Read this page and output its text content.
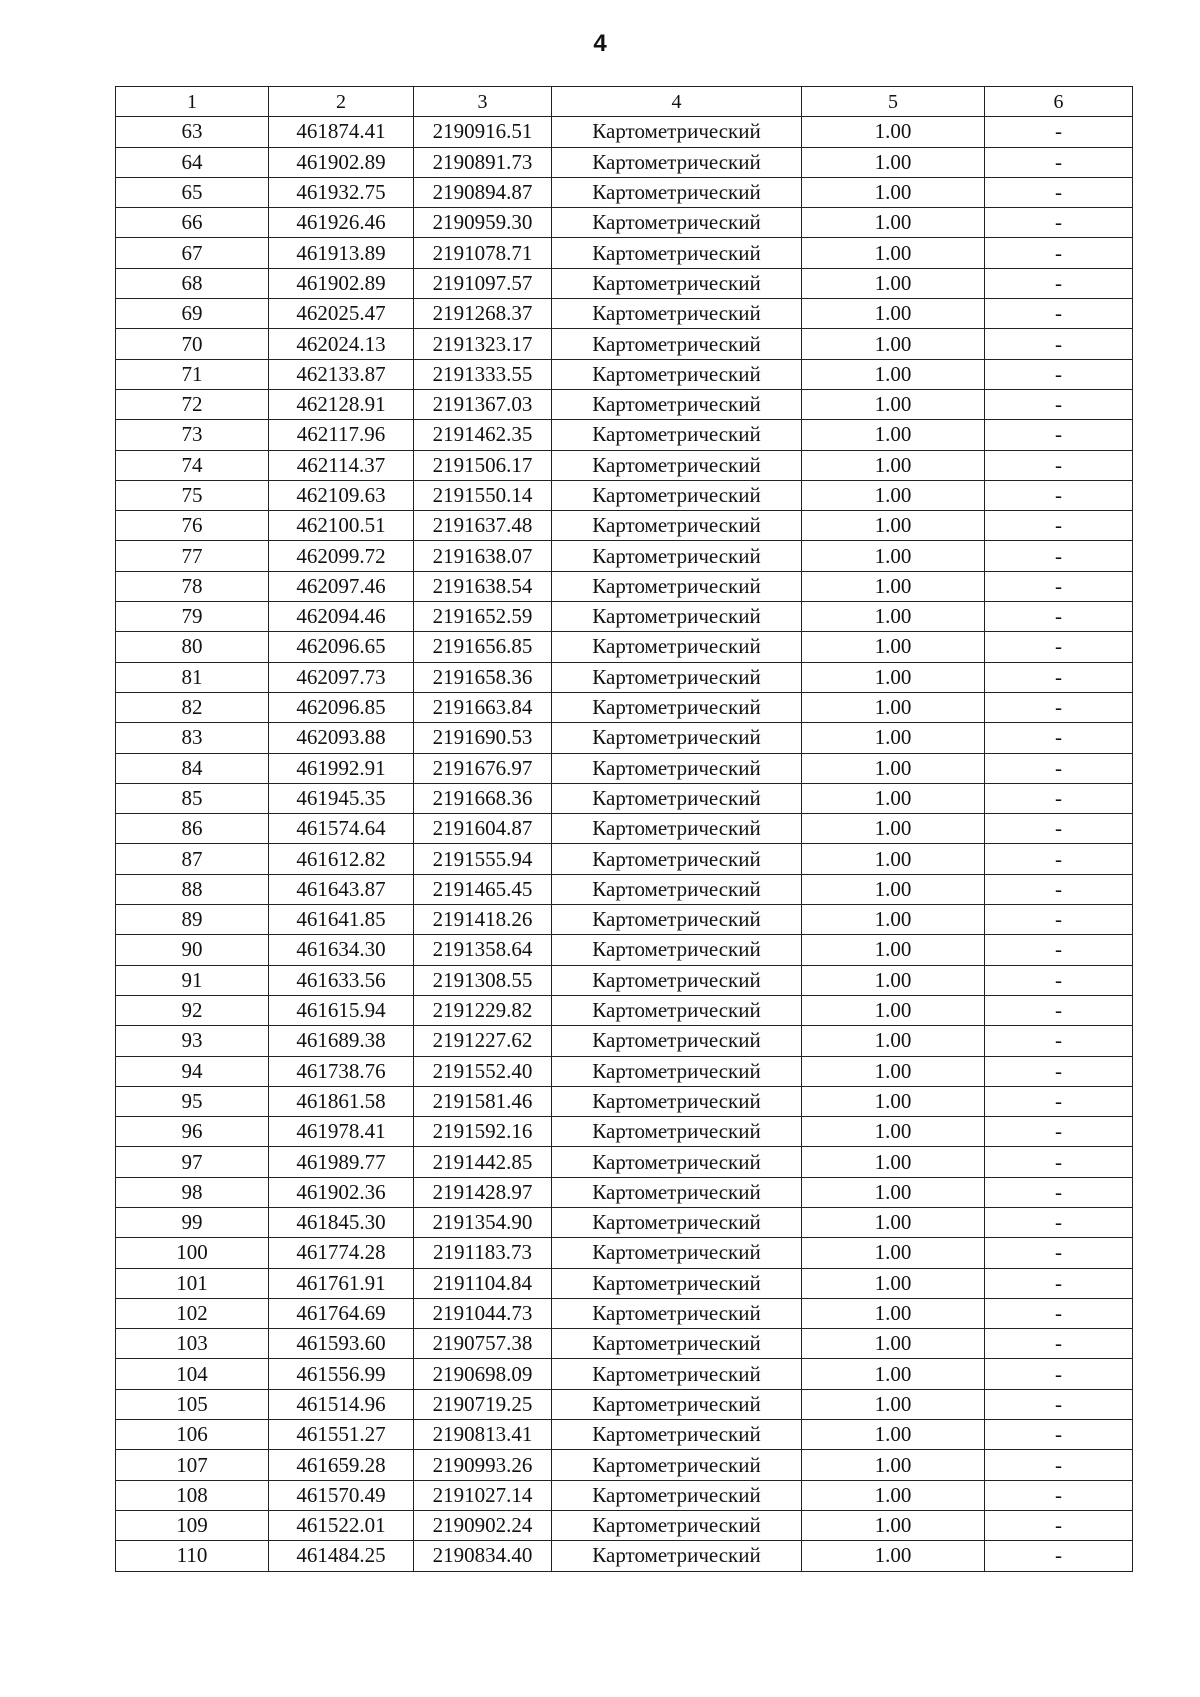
4
1	2	3	4	5	6
63	461874.41	2190916.51	Картометрический	1.00	-
64	461902.89	2190891.73	Картометрический	1.00	-
65	461932.75	2190894.87	Картометрический	1.00	-
66	461926.46	2190959.30	Картометрический	1.00	-
67	461913.89	2191078.71	Картометрический	1.00	-
68	461902.89	2191097.57	Картометрический	1.00	-
69	462025.47	2191268.37	Картометрический	1.00	-
70	462024.13	2191323.17	Картометрический	1.00	-
71	462133.87	2191333.55	Картометрический	1.00	-
72	462128.91	2191367.03	Картометрический	1.00	-
73	462117.96	2191462.35	Картометрический	1.00	-
74	462114.37	2191506.17	Картометрический	1.00	-
75	462109.63	2191550.14	Картометрический	1.00	-
76	462100.51	2191637.48	Картометрический	1.00	-
77	462099.72	2191638.07	Картометрический	1.00	-
78	462097.46	2191638.54	Картометрический	1.00	-
79	462094.46	2191652.59	Картометрический	1.00	-
80	462096.65	2191656.85	Картометрический	1.00	-
81	462097.73	2191658.36	Картометрический	1.00	-
82	462096.85	2191663.84	Картометрический	1.00	-
83	462093.88	2191690.53	Картометрический	1.00	-
84	461992.91	2191676.97	Картометрический	1.00	-
85	461945.35	2191668.36	Картометрический	1.00	-
86	461574.64	2191604.87	Картометрический	1.00	-
87	461612.82	2191555.94	Картометрический	1.00	-
88	461643.87	2191465.45	Картометрический	1.00	-
89	461641.85	2191418.26	Картометрический	1.00	-
90	461634.30	2191358.64	Картометрический	1.00	-
91	461633.56	2191308.55	Картометрический	1.00	-
92	461615.94	2191229.82	Картометрический	1.00	-
93	461689.38	2191227.62	Картометрический	1.00	-
94	461738.76	2191552.40	Картометрический	1.00	-
95	461861.58	2191581.46	Картометрический	1.00	-
96	461978.41	2191592.16	Картометрический	1.00	-
97	461989.77	2191442.85	Картометрический	1.00	-
98	461902.36	2191428.97	Картометрический	1.00	-
99	461845.30	2191354.90	Картометрический	1.00	-
100	461774.28	2191183.73	Картометрический	1.00	-
101	461761.91	2191104.84	Картометрический	1.00	-
102	461764.69	2191044.73	Картометрический	1.00	-
103	461593.60	2190757.38	Картометрический	1.00	-
104	461556.99	2190698.09	Картометрический	1.00	-
105	461514.96	2190719.25	Картометрический	1.00	-
106	461551.27	2190813.41	Картометрический	1.00	-
107	461659.28	2190993.26	Картометрический	1.00	-
108	461570.49	2191027.14	Картометрический	1.00	-
109	461522.01	2190902.24	Картометрический	1.00	-
110	461484.25	2190834.40	Картометрический	1.00	-
